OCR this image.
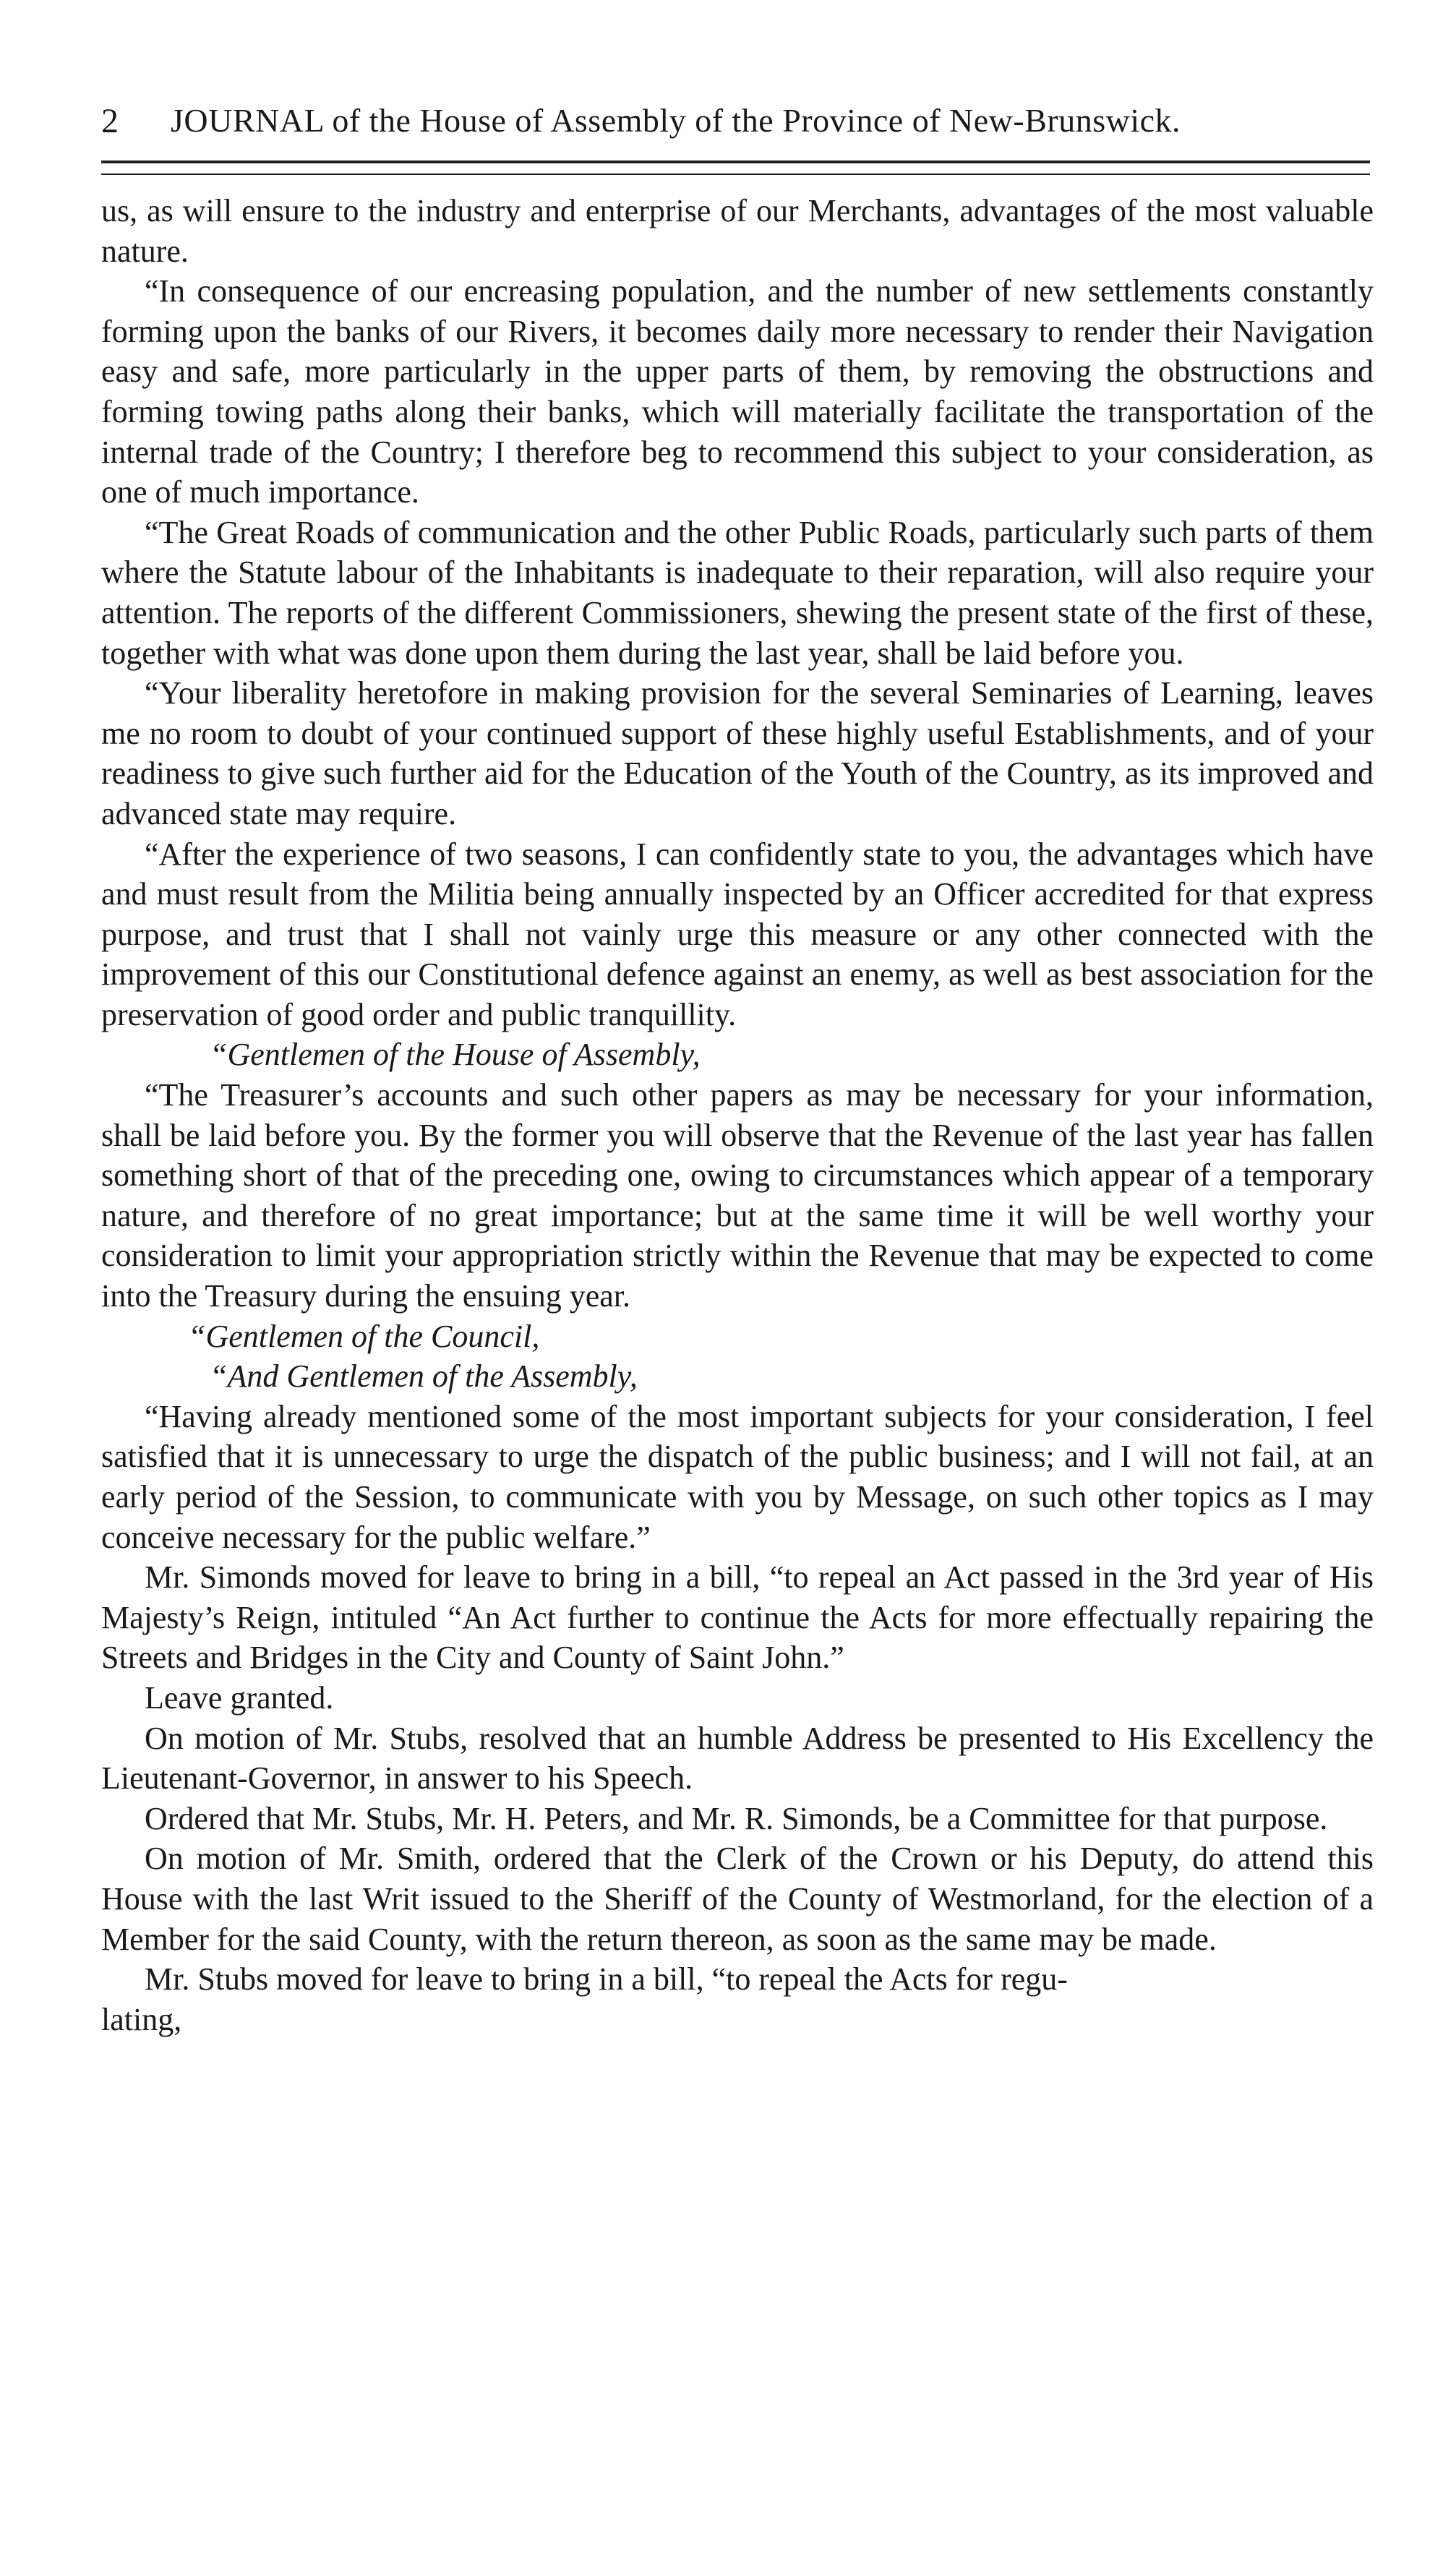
2 JOURNAL of the House of Assembly of the Province of New-Brunswick.

us, as will ensure to the industry and enterprise of our Merchants, advantages of the most valuable nature.

“In consequence of our encreasing population, and the number of new settlements constantly forming upon the banks of our Rivers, it becomes daily more necessary to render their Navigation easy and safe, more particularly in the upper parts of them, by removing the obstructions and forming towing paths along their banks, which will materially facilitate the transportation of the internal trade of the Country; I therefore beg to recommend this subject to your consideration, as one of much importance.

“The Great Roads of communication and the other Public Roads, particularly such parts of them where the Statute labour of the Inhabitants is inadequate to their reparation, will also require your attention. The reports of the different Commissioners, shewing the present state of the first of these, together with what was done upon them during the last year, shall be laid before you.

“Your liberality heretofore in making provision for the several Seminaries of Learning, leaves me no room to doubt of your continued support of these highly useful Establishments, and of your readiness to give such further aid for the Education of the Youth of the Country, as its improved and advanced state may require.

“After the experience of two seasons, I can confidently state to you, the advantages which have and must result from the Militia being annually inspected by an Officer accredited for that express purpose, and trust that I shall not vainly urge this measure or any other connected with the improvement of this our Constitutional defence against an enemy, as well as best association for the preservation of good order and public tranquillity.

“Gentlemen of the House of Assembly,

“The Treasurer’s accounts and such other papers as may be necessary for your information, shall be laid before you. By the former you will observe that the Revenue of the last year has fallen something short of that of the preceding one, owing to circumstances which appear of a temporary nature, and therefore of no great importance; but at the same time it will be well worthy your consideration to limit your appropriation strictly within the Revenue that may be expected to come into the Treasury during the ensuing year.

“Gentlemen of the Council,

“And Gentlemen of the Assembly,

“Having already mentioned some of the most important subjects for your consideration, I feel satisfied that it is unnecessary to urge the dispatch of the public business; and I will not fail, at an early period of the Session, to communicate with you by Message, on such other topics as I may conceive necessary for the public welfare.”

Mr. Simonds moved for leave to bring in a bill, “to repeal an Act passed in the 3rd year of His Majesty’s Reign, intituled “An Act further to continue the Acts for more effectually repairing the Streets and Bridges in the City and County of Saint John.”

Leave granted.

On motion of Mr. Stubs, resolved that an humble Address be presented to His Excellency the Lieutenant-Governor, in answer to his Speech.

Ordered that Mr. Stubs, Mr. H. Peters, and Mr. R. Simonds, be a Committee for that purpose.

On motion of Mr. Smith, ordered that the Clerk of the Crown or his Deputy, do attend this House with the last Writ issued to the Sheriff of the County of Westmorland, for the election of a Member for the said County, with the return thereon, as soon as the same may be made.

Mr. Stubs moved for leave to bring in a bill, “to repeal the Acts for regu-

lating,
